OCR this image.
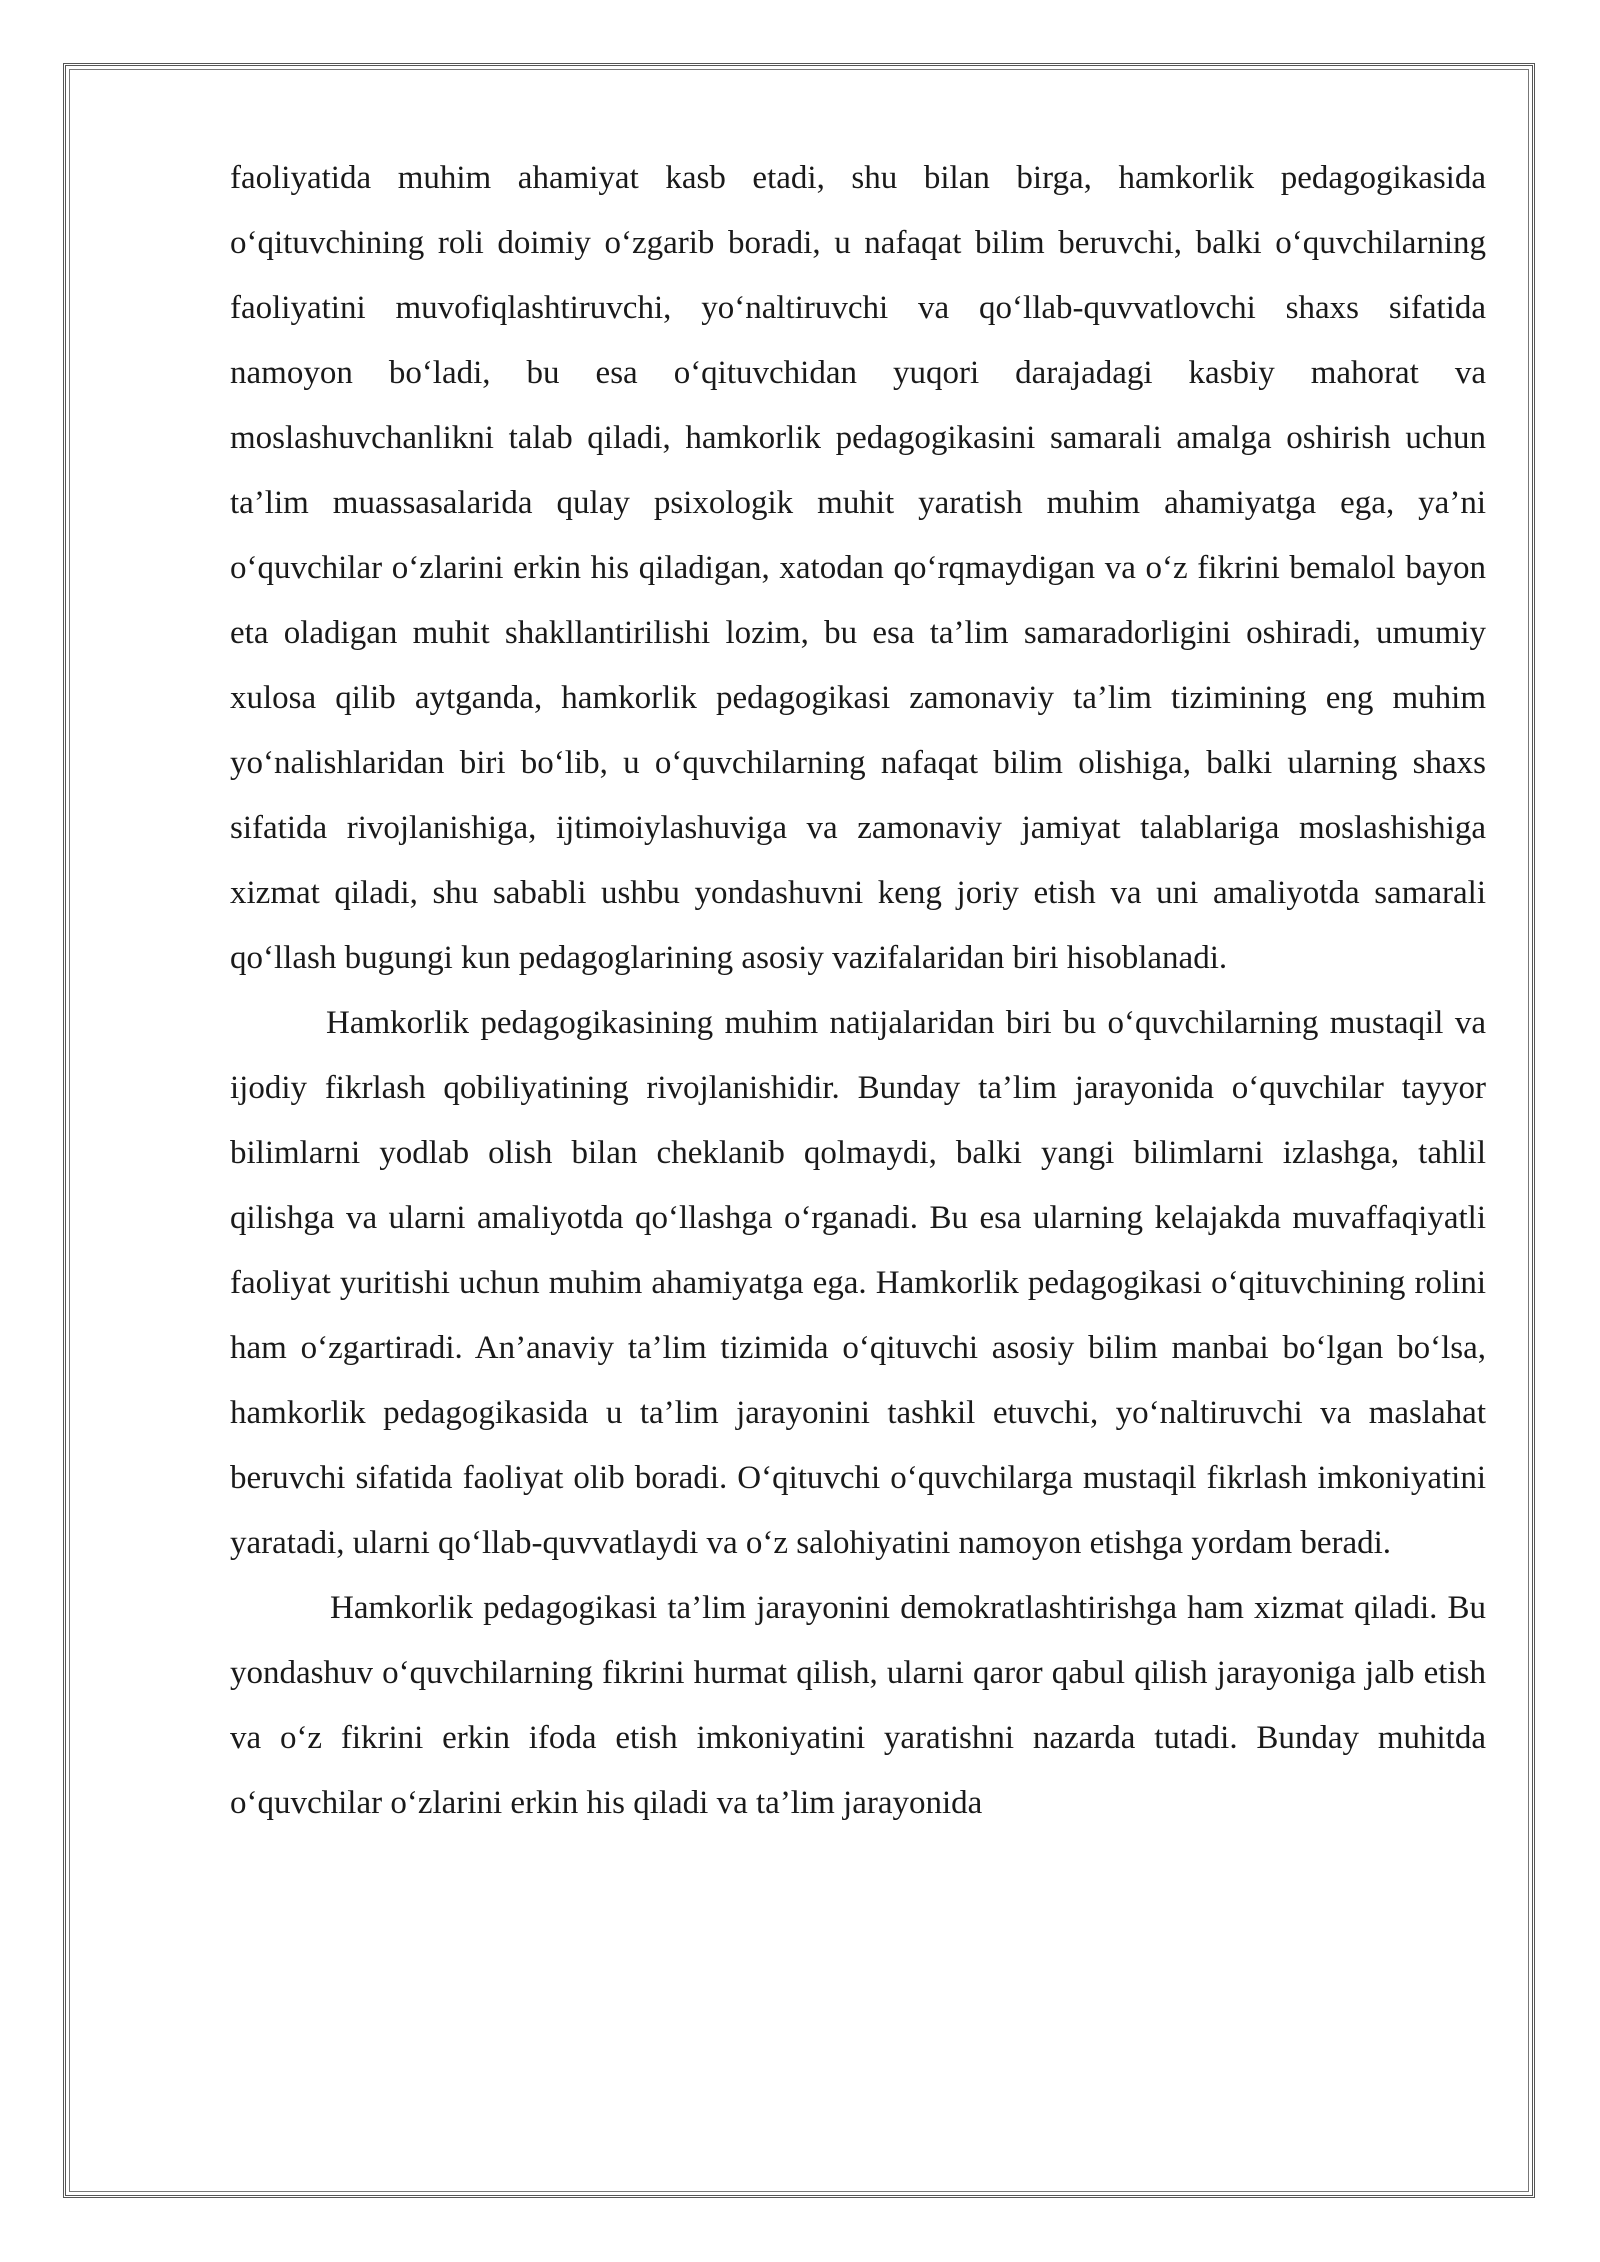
faoliyatida muhim ahamiyat kasb etadi, shu bilan birga, hamkorlik pedagogikasida o‘qituvchining roli doimiy o‘zgarib boradi, u nafaqat bilim beruvchi, balki o‘quvchilarning faoliyatini muvofiqlashtiruvchi, yo‘naltiruvchi va qo‘llab-quvvatlovchi shaxs sifatida namoyon bo‘ladi, bu esa o‘qituvchidan yuqori darajadagi kasbiy mahorat va moslashuvchanlikni talab qiladi, hamkorlik pedagogikasini samarali amalga oshirish uchun ta’lim muassasalarida qulay psixologik muhit yaratish muhim ahamiyatga ega, ya’ni o‘quvchilar o‘zlarini erkin his qiladigan, xatodan qo‘rqmaydigan va o‘z fikrini bemalol bayon eta oladigan muhit shakllantirilishi lozim, bu esa ta’lim samaradorligini oshiradi, umumiy xulosa qilib aytganda, hamkorlik pedagogikasi zamonaviy ta’lim tizimining eng muhim yo‘nalishlaridan biri bo‘lib, u o‘quvchilarning nafaqat bilim olishiga, balki ularning shaxs sifatida rivojlanishiga, ijtimoiylashuviga va zamonaviy jamiyat talablariga moslashishiga xizmat qiladi, shu sababli ushbu yondashuvni keng joriy etish va uni amaliyotda samarali qo‘llash bugungi kun pedagoglarining asosiy vazifalaridan biri hisoblanadi.

Hamkorlik pedagogikasining muhim natijalaridan biri bu o‘quvchilarning mustaqil va ijodiy fikrlash qobiliyatining rivojlanishidir. Bunday ta’lim jarayonida o‘quvchilar tayyor bilimlarni yodlab olish bilan cheklanib qolmaydi, balki yangi bilimlarni izlashga, tahlil qilishga va ularni amaliyotda qo‘llashga o‘rganadi. Bu esa ularning kelajakda muvaffaqiyatli faoliyat yuritishi uchun muhim ahamiyatga ega. Hamkorlik pedagogikasi o‘qituvchining rolini ham o‘zgartiradi. An’anaviy ta’lim tizimida o‘qituvchi asosiy bilim manbai bo‘lgan bo‘lsa, hamkorlik pedagogikasida u ta’lim jarayonini tashkil etuvchi, yo‘naltiruvchi va maslahat beruvchi sifatida faoliyat olib boradi. O‘qituvchi o‘quvchilarga mustaqil fikrlash imkoniyatini yaratadi, ularni qo‘llab-quvvatlaydi va o‘z salohiyatini namoyon etishga yordam beradi.

Hamkorlik pedagogikasi ta’lim jarayonini demokratlashtirishga ham xizmat qiladi. Bu yondashuv o‘quvchilarning fikrini hurmat qilish, ularni qaror qabul qilish jarayoniga jalb etish va o‘z fikrini erkin ifoda etish imkoniyatini yaratishni nazarda tutadi. Bunday muhitda o‘quvchilar o‘zlarini erkin his qiladi va ta’lim jarayonida
